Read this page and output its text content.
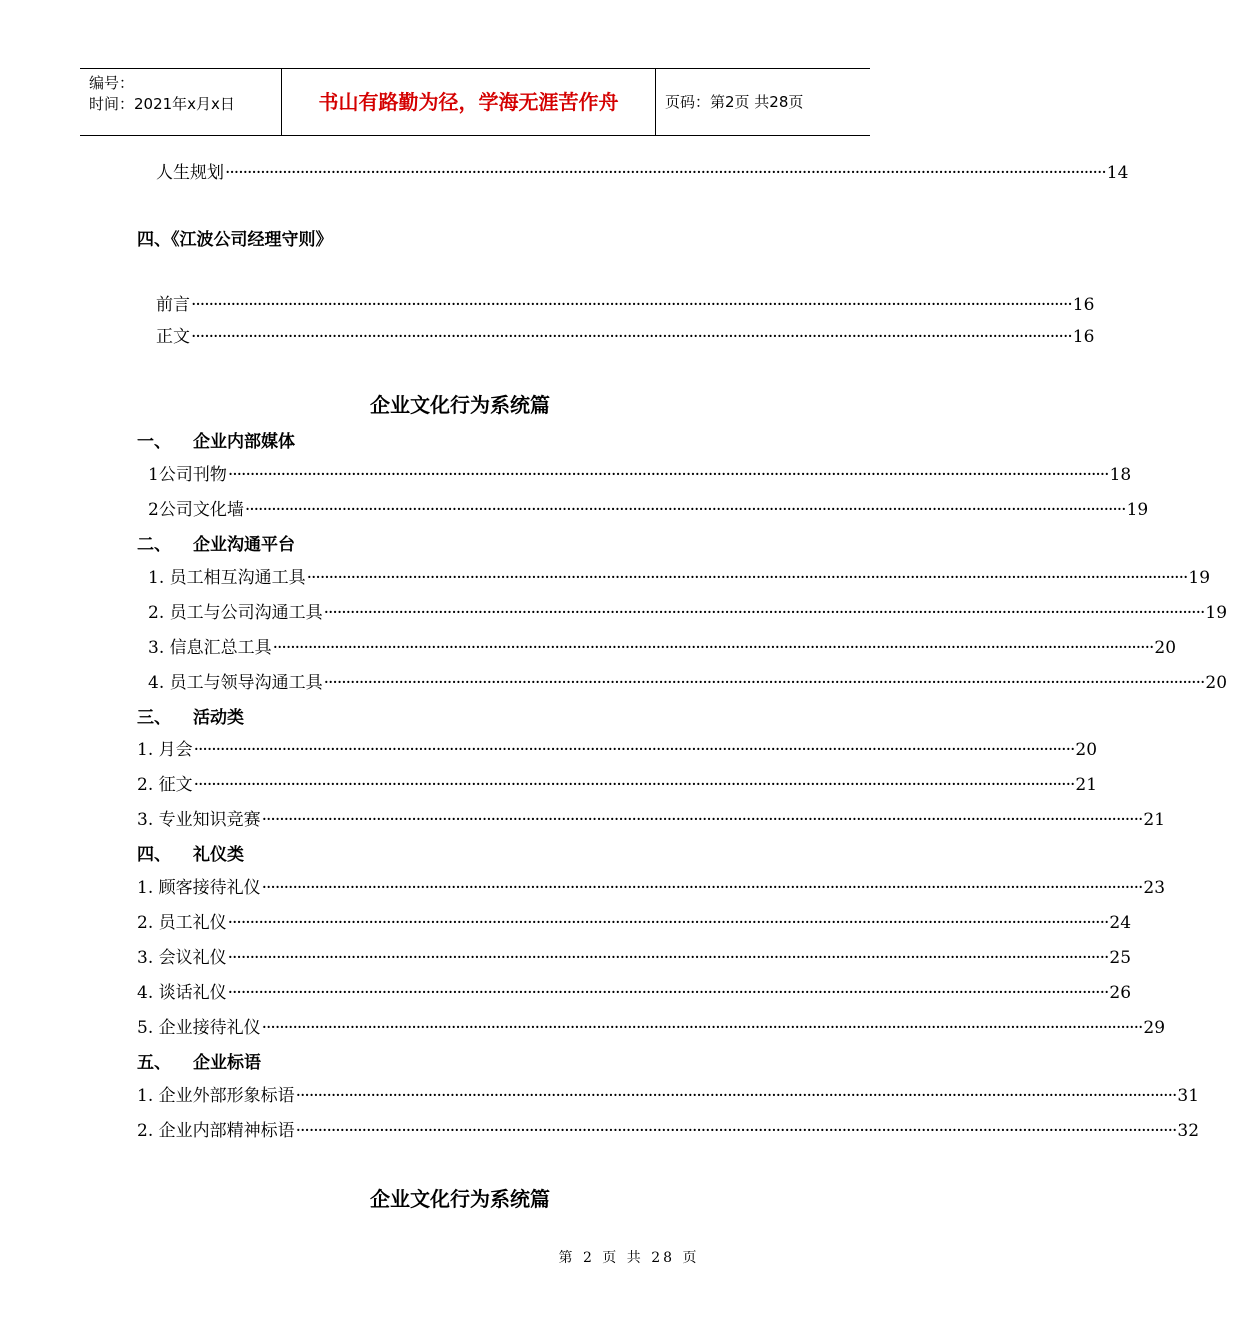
编号：
时间：2021年x月x日	书山有路勤为径，学海无涯苦作舟	页码：第2页 共28页
人生规划 ········································································································································································································ 14
四、《江波公司经理守则》
前言 ········································································································································································································ 16
正文 ········································································································································································································ 16
企业文化行为系统篇
一、 企业内部媒体
1公司刊物 ········································································································································································································ 18
2公司文化墙 ········································································································································································································ 19
二、 企业沟通平台
1. 员工相互沟通工具 ········································································································································································································ 19
2. 员工与公司沟通工具 ········································································································································································································ 19
3. 信息汇总工具 ········································································································································································································ 20
4. 员工与领导沟通工具 ········································································································································································································ 20
三、 活动类
1. 月会 ········································································································································································································ 20
2. 征文 ········································································································································································································ 21
3. 专业知识竞赛 ········································································································································································································ 21
四、 礼仪类
1. 顾客接待礼仪 ········································································································································································································ 23
2. 员工礼仪 ········································································································································································································ 24
3. 会议礼仪 ········································································································································································································ 25
4. 谈话礼仪 ········································································································································································································ 26
5. 企业接待礼仪 ········································································································································································································ 29
五、 企业标语
1. 企业外部形象标语 ········································································································································································································ 31
2. 企业内部精神标语 ········································································································································································································ 32
企业文化行为系统篇
第 2 页 共 28 页
